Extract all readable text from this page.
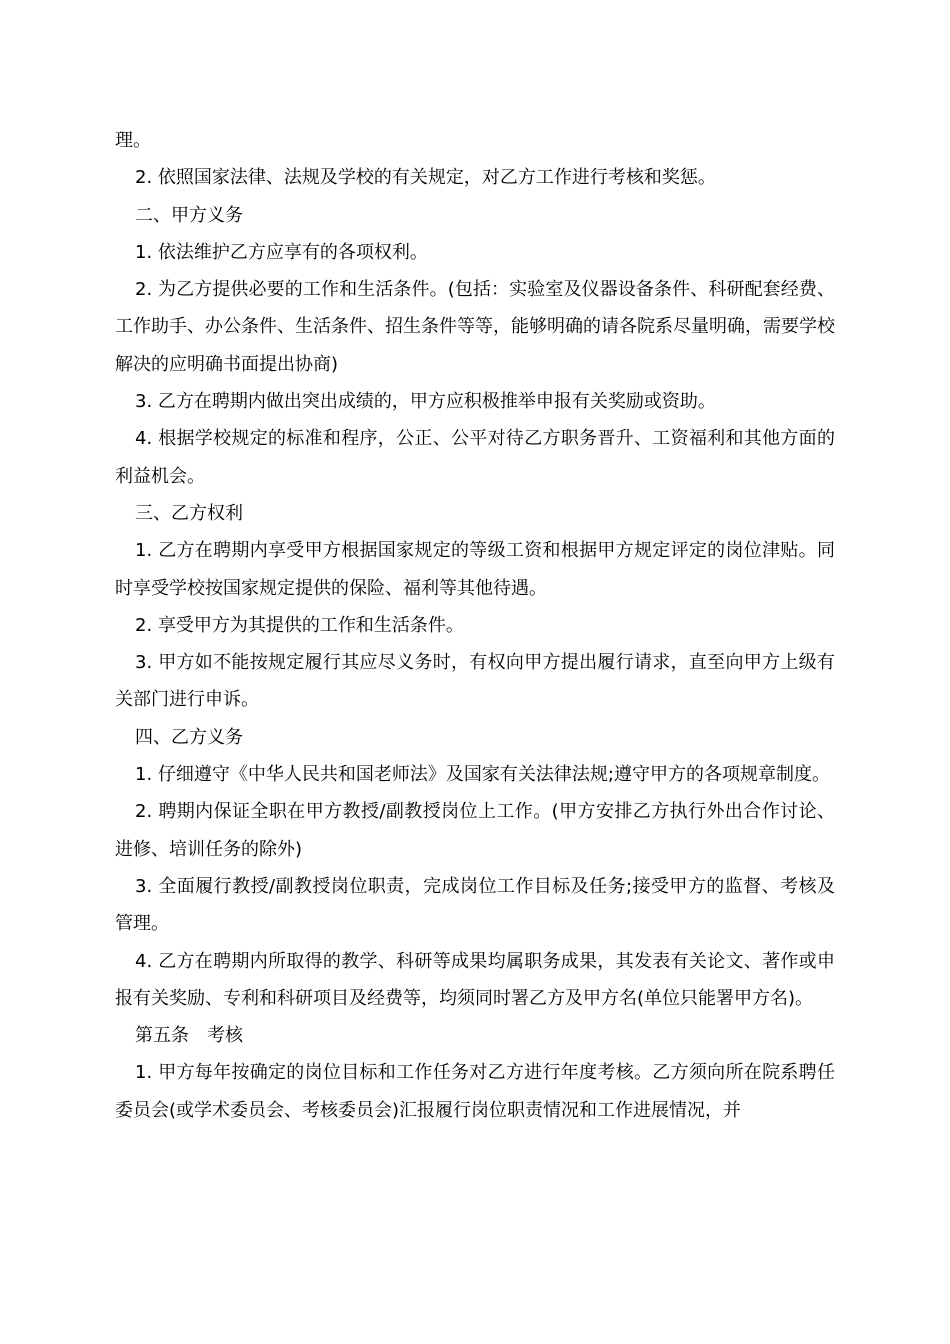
理。

2. 依照国家法律、法规及学校的有关规定，对乙方工作进行考核和奖惩。

二、甲方义务

1. 依法维护乙方应享有的各项权利。

2. 为乙方提供必要的工作和生活条件。(包括：实验室及仪器设备条件、科研配套经费、工作助手、办公条件、生活条件、招生条件等等，能够明确的请各院系尽量明确，需要学校解决的应明确书面提出协商)

3. 乙方在聘期内做出突出成绩的，甲方应积极推举申报有关奖励或资助。

4. 根据学校规定的标准和程序，公正、公平对待乙方职务晋升、工资福利和其他方面的利益机会。

三、乙方权利

1. 乙方在聘期内享受甲方根据国家规定的等级工资和根据甲方规定评定的岗位津贴。同时享受学校按国家规定提供的保险、福利等其他待遇。

2. 享受甲方为其提供的工作和生活条件。

3. 甲方如不能按规定履行其应尽义务时，有权向甲方提出履行请求，直至向甲方上级有关部门进行申诉。

四、乙方义务

1. 仔细遵守《中华人民共和国老师法》及国家有关法律法规;遵守甲方的各项规章制度。

2. 聘期内保证全职在甲方教授/副教授岗位上工作。(甲方安排乙方执行外出合作讨论、进修、培训任务的除外)

3. 全面履行教授/副教授岗位职责，完成岗位工作目标及任务;接受甲方的监督、考核及管理。

4. 乙方在聘期内所取得的教学、科研等成果均属职务成果，其发表有关论文、著作或申报有关奖励、专利和科研项目及经费等，均须同时署乙方及甲方名(单位只能署甲方名)。

第五条　考核

1. 甲方每年按确定的岗位目标和工作任务对乙方进行年度考核。乙方须向所在院系聘任委员会(或学术委员会、考核委员会)汇报履行岗位职责情况和工作进展情况，并
